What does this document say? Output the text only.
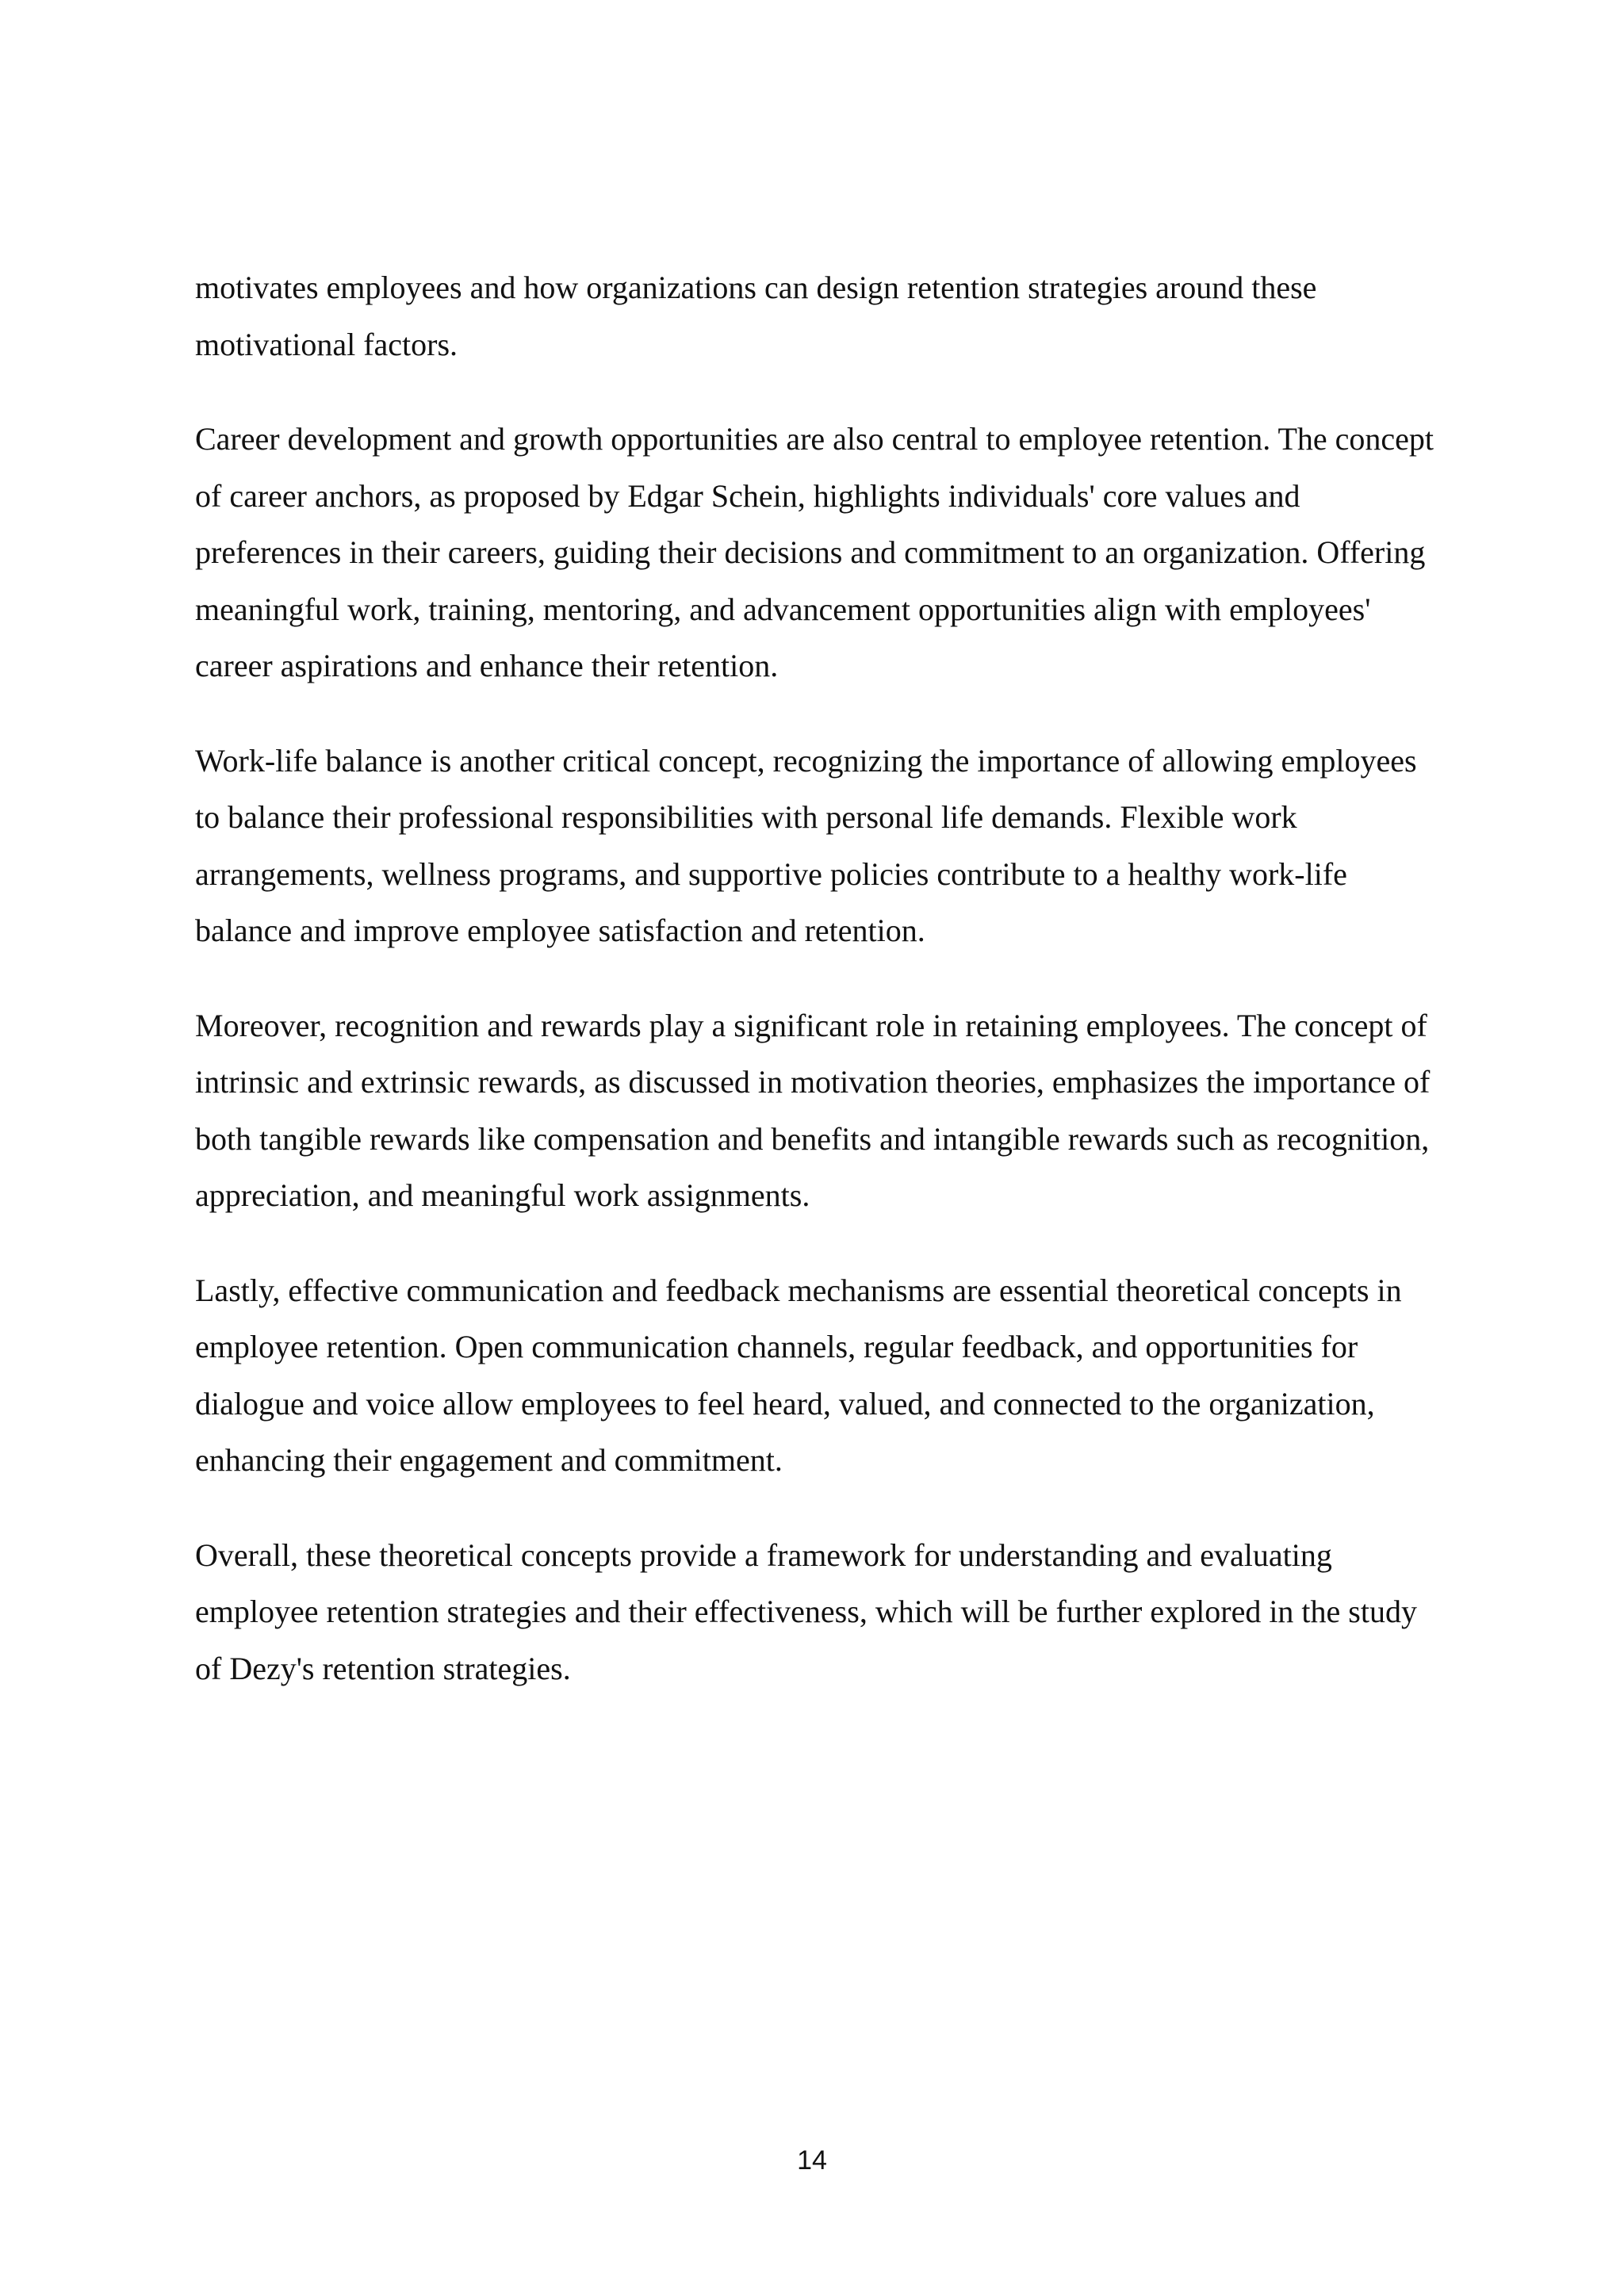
motivates employees and how organizations can design retention strategies around these motivational factors.

Career development and growth opportunities are also central to employee retention. The concept of career anchors, as proposed by Edgar Schein, highlights individuals' core values and preferences in their careers, guiding their decisions and commitment to an organization. Offering meaningful work, training, mentoring, and advancement opportunities align with employees' career aspirations and enhance their retention.

Work-life balance is another critical concept, recognizing the importance of allowing employees to balance their professional responsibilities with personal life demands. Flexible work arrangements, wellness programs, and supportive policies contribute to a healthy work-life balance and improve employee satisfaction and retention.

Moreover, recognition and rewards play a significant role in retaining employees. The concept of intrinsic and extrinsic rewards, as discussed in motivation theories, emphasizes the importance of both tangible rewards like compensation and benefits and intangible rewards such as recognition, appreciation, and meaningful work assignments.

Lastly, effective communication and feedback mechanisms are essential theoretical concepts in employee retention. Open communication channels, regular feedback, and opportunities for dialogue and voice allow employees to feel heard, valued, and connected to the organization, enhancing their engagement and commitment.

Overall, these theoretical concepts provide a framework for understanding and evaluating employee retention strategies and their effectiveness, which will be further explored in the study of Dezy's retention strategies.

14
